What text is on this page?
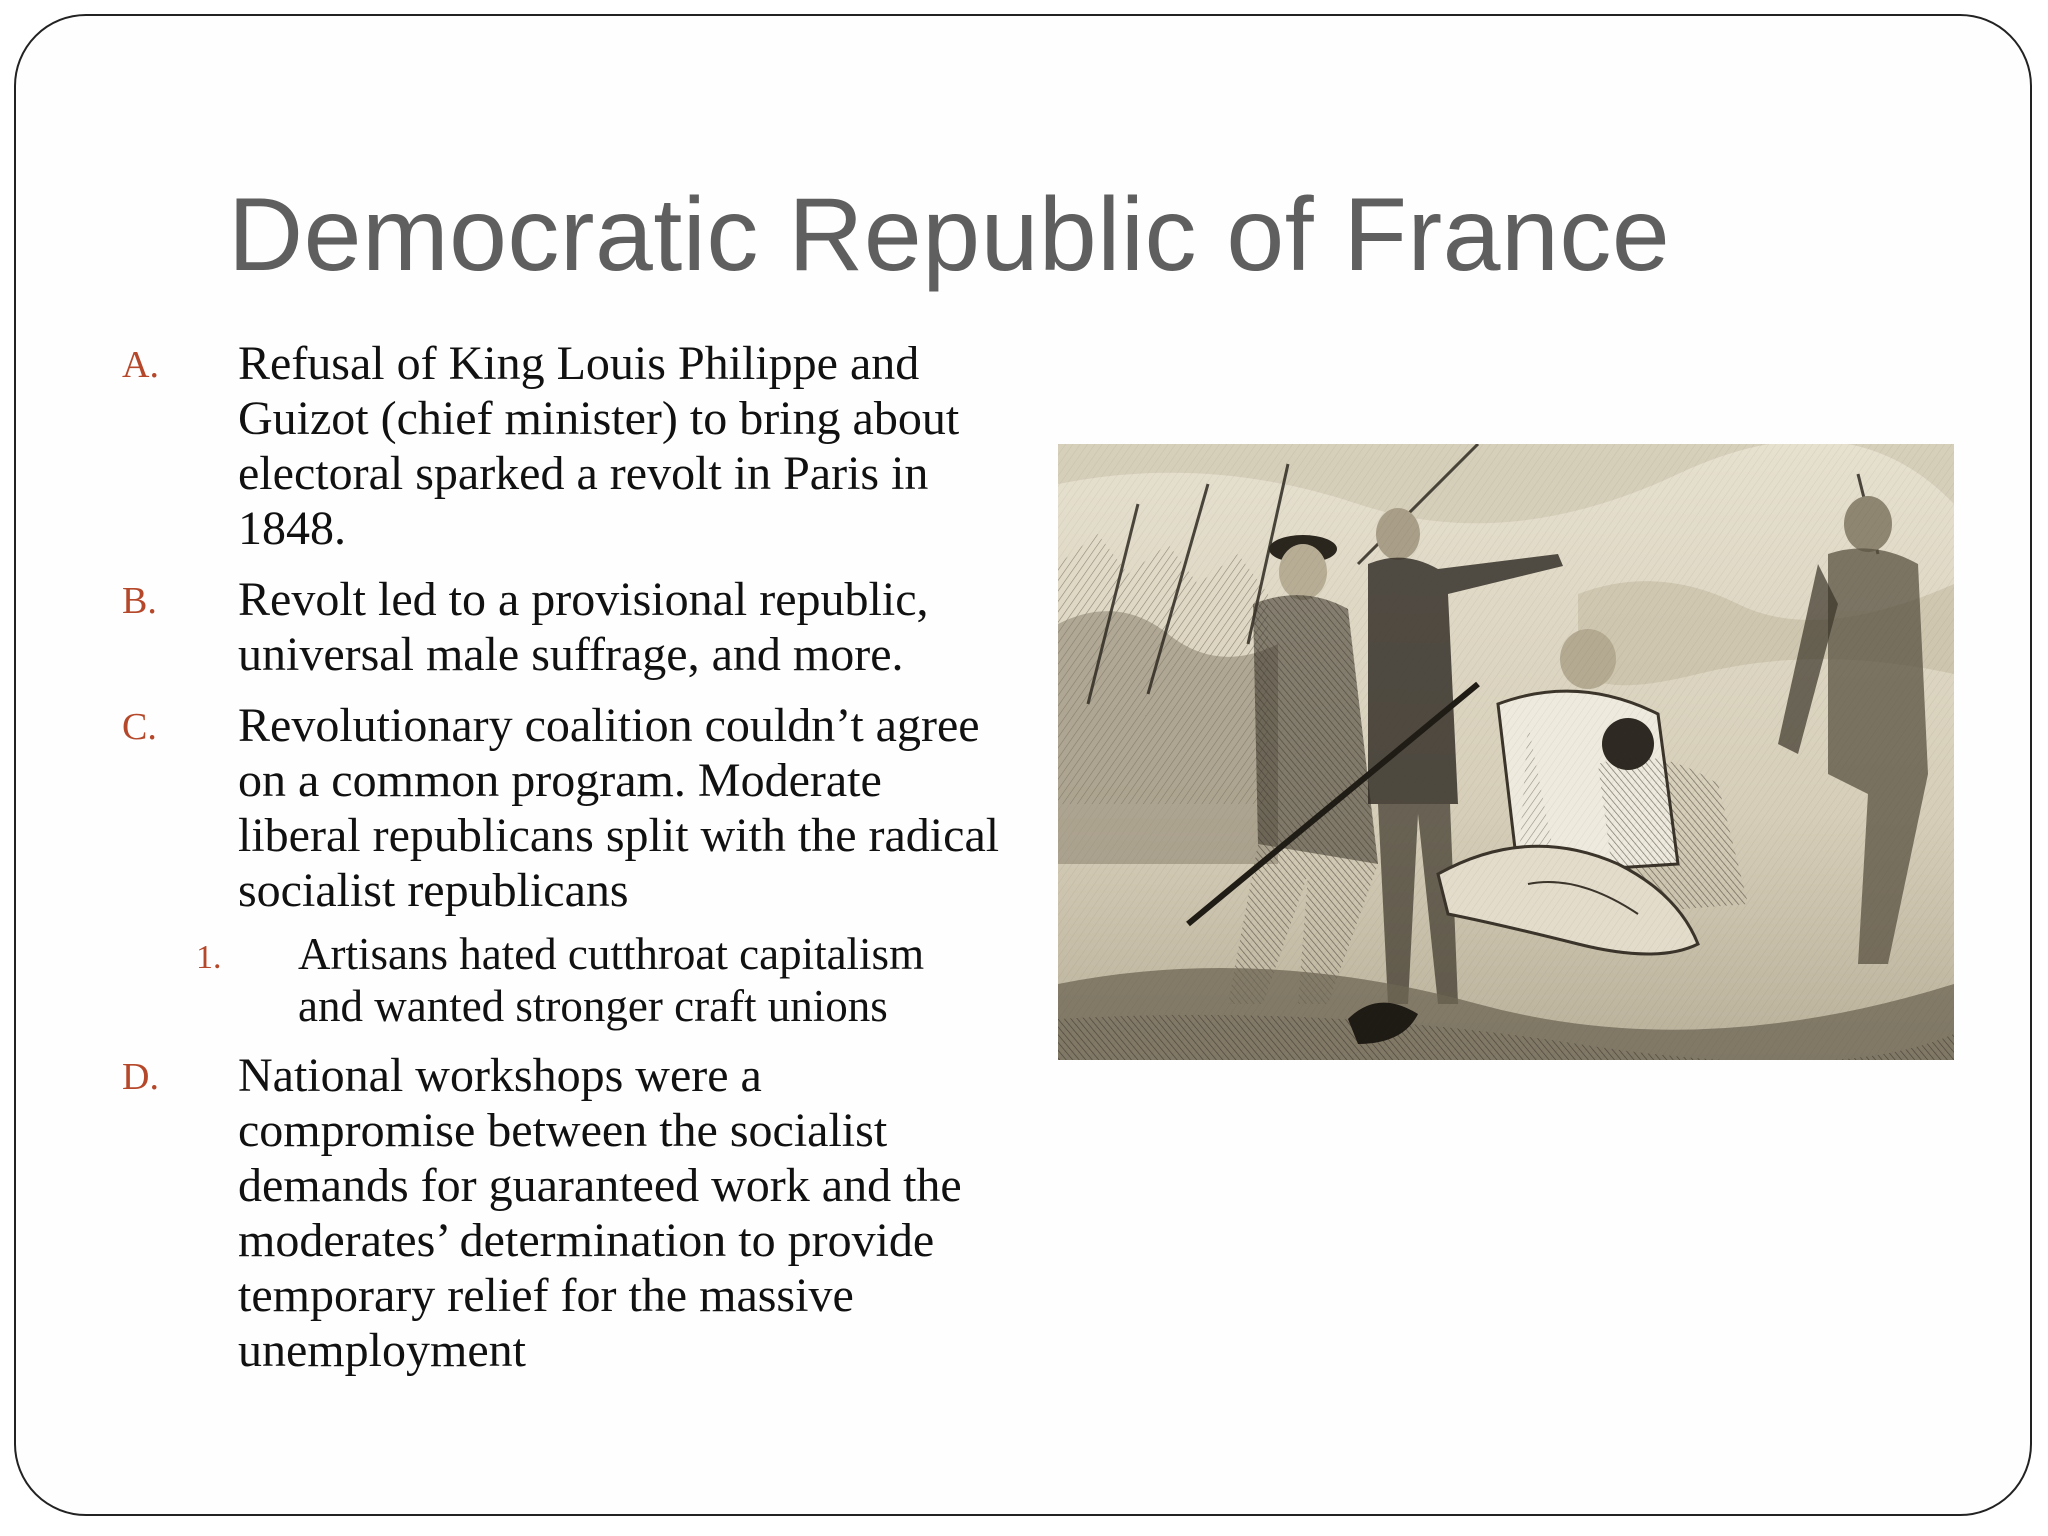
Democratic Republic of France
A. Refusal of King Louis Philippe and Guizot (chief minister) to bring about electoral sparked a revolt in Paris in 1848.
B. Revolt led to a provisional republic, universal male suffrage, and more.
C. Revolutionary coalition couldn’t agree on a common program. Moderate liberal republicans split with the radical socialist republicans
1. Artisans hated cutthroat capitalism and wanted stronger craft unions
D. National workshops were a compromise between the socialist demands for guaranteed work and the moderates’ determination to provide temporary relief for the massive unemployment
